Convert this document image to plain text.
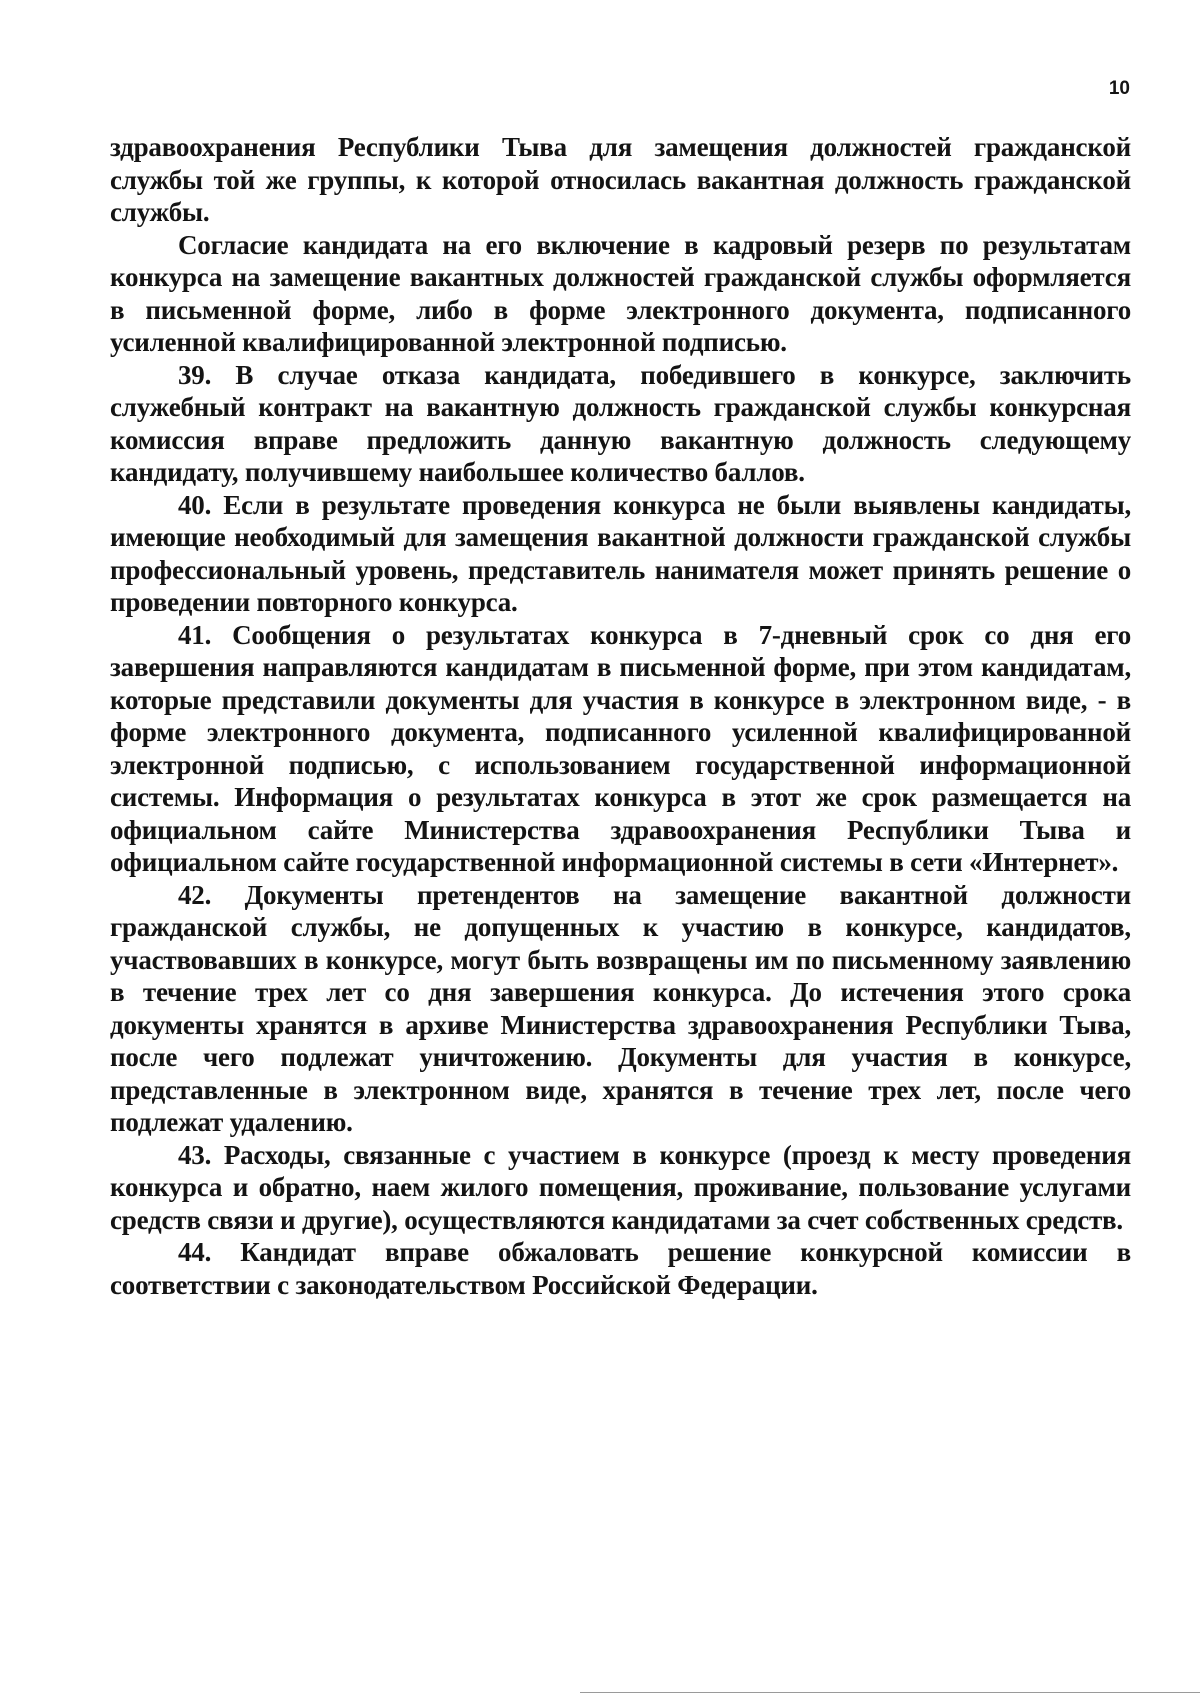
10

здравоохранения Республики Тыва для замещения должностей гражданской службы той же группы, к которой относилась вакантная должность гражданской службы.

Согласие кандидата на его включение в кадровый резерв по результатам конкурса на замещение вакантных должностей гражданской службы оформляется в письменной форме, либо в форме электронного документа, подписанного усиленной квалифицированной электронной подписью.

39. В случае отказа кандидата, победившего в конкурсе, заключить служебный контракт на вакантную должность гражданской службы конкурсная комиссия вправе предложить данную вакантную должность следующему кандидату, получившему наибольшее количество баллов.

40. Если в результате проведения конкурса не были выявлены кандидаты, имеющие необходимый для замещения вакантной должности гражданской службы профессиональный уровень, представитель нанимателя может принять решение о проведении повторного конкурса.

41. Сообщения о результатах конкурса в 7-дневный срок со дня его завершения направляются кандидатам в письменной форме, при этом кандидатам, которые представили документы для участия в конкурсе в электронном виде, - в форме электронного документа, подписанного усиленной квалифицированной электронной подписью, с использованием государственной информационной системы. Информация о результатах конкурса в этот же срок размещается на официальном сайте Министерства здравоохранения Республики Тыва и официальном сайте государственной информационной системы в сети «Интернет».

42. Документы претендентов на замещение вакантной должности гражданской службы, не допущенных к участию в конкурсе, кандидатов, участвовавших в конкурсе, могут быть возвращены им по письменному заявлению в течение трех лет со дня завершения конкурса. До истечения этого срока документы хранятся в архиве Министерства здравоохранения Республики Тыва, после чего подлежат уничтожению. Документы для участия в конкурсе, представленные в электронном виде, хранятся в течение трех лет, после чего подлежат удалению.

43. Расходы, связанные с участием в конкурсе (проезд к месту проведения конкурса и обратно, наем жилого помещения, проживание, пользование услугами средств связи и другие), осуществляются кандидатами за счет собственных средств.

44. Кандидат вправе обжаловать решение конкурсной комиссии в соответствии с законодательством Российской Федерации.
